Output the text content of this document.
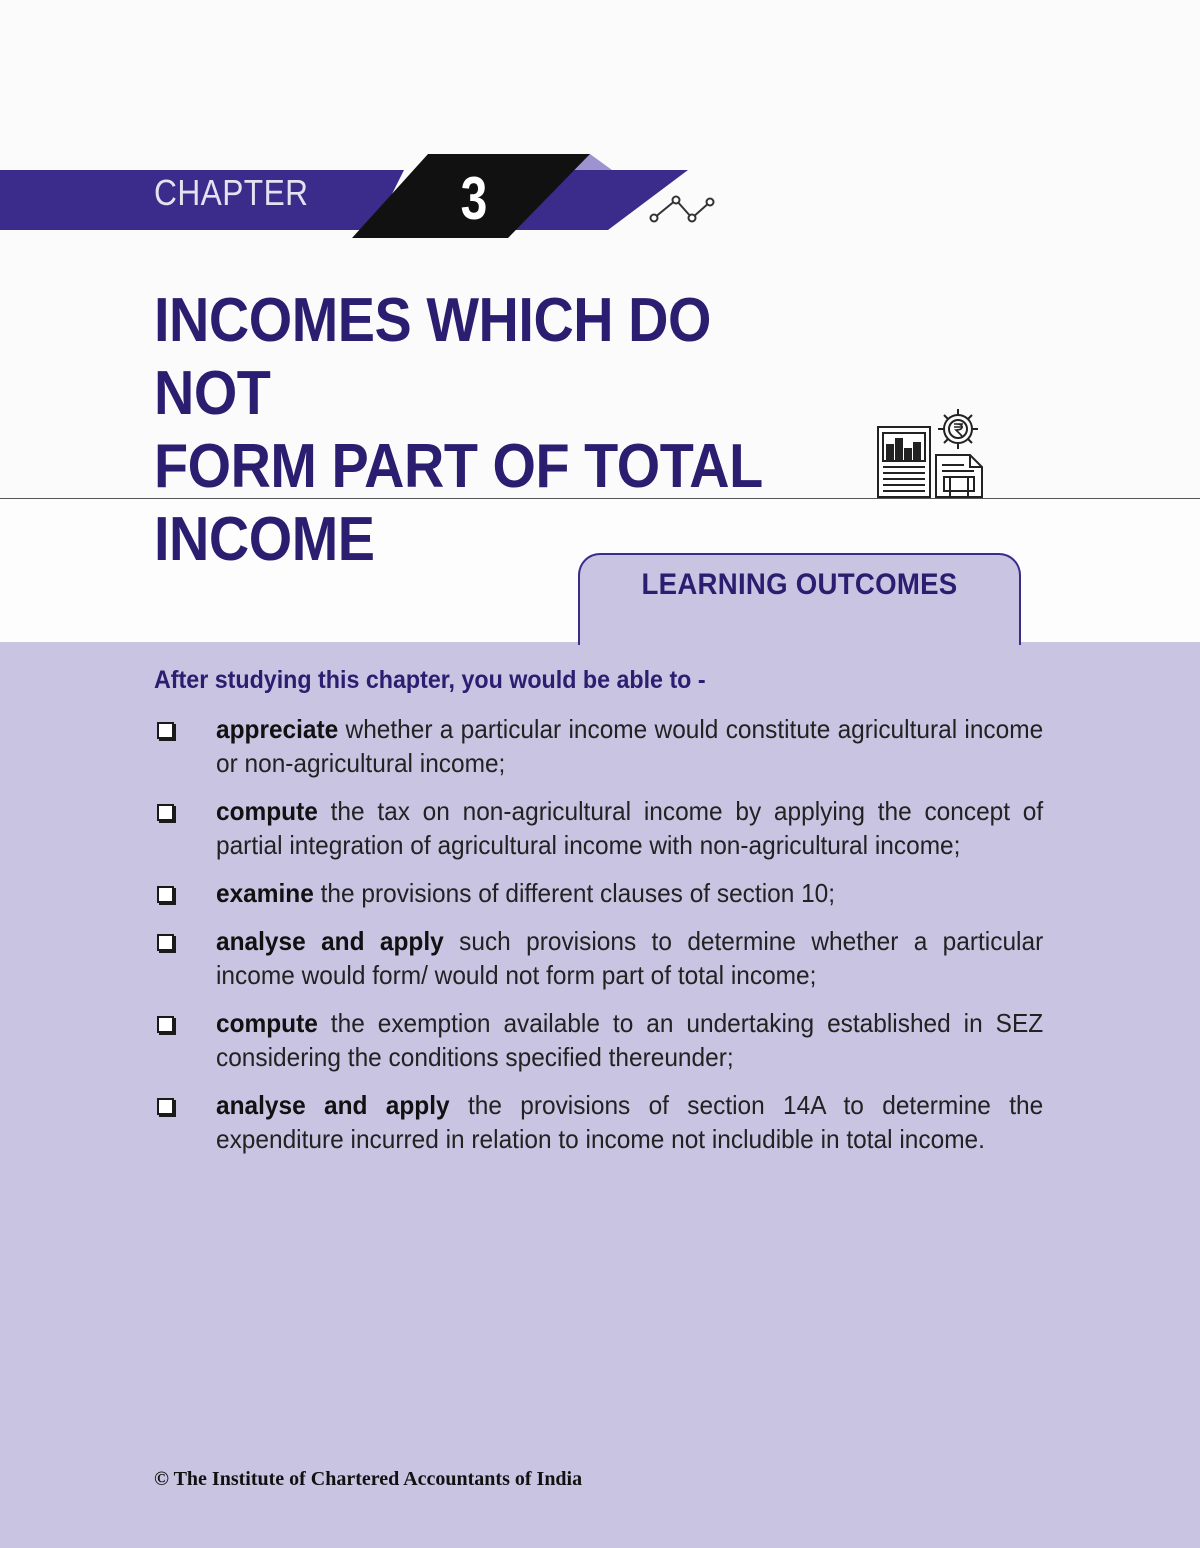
CHAPTER	3
INCOMES WHICH DO NOT
FORM PART OF TOTAL
INCOME
LEARNING OUTCOMES
After studying this chapter, you would be able to -

appreciate whether a particular income would constitute agricultural income or non-agricultural income;

compute the tax on non-agricultural income by applying the concept of partial integration of agricultural income with non-agricultural income;

examine the provisions of different clauses of section 10;

analyse and apply such provisions to determine whether a particular income would form/ would not form part of total income;

compute the exemption available to an undertaking established in SEZ considering the conditions specified thereunder;

analyse and apply the provisions of section 14A to determine the expenditure incurred in relation to income not includible in total income.

© The Institute of Chartered Accountants of India
